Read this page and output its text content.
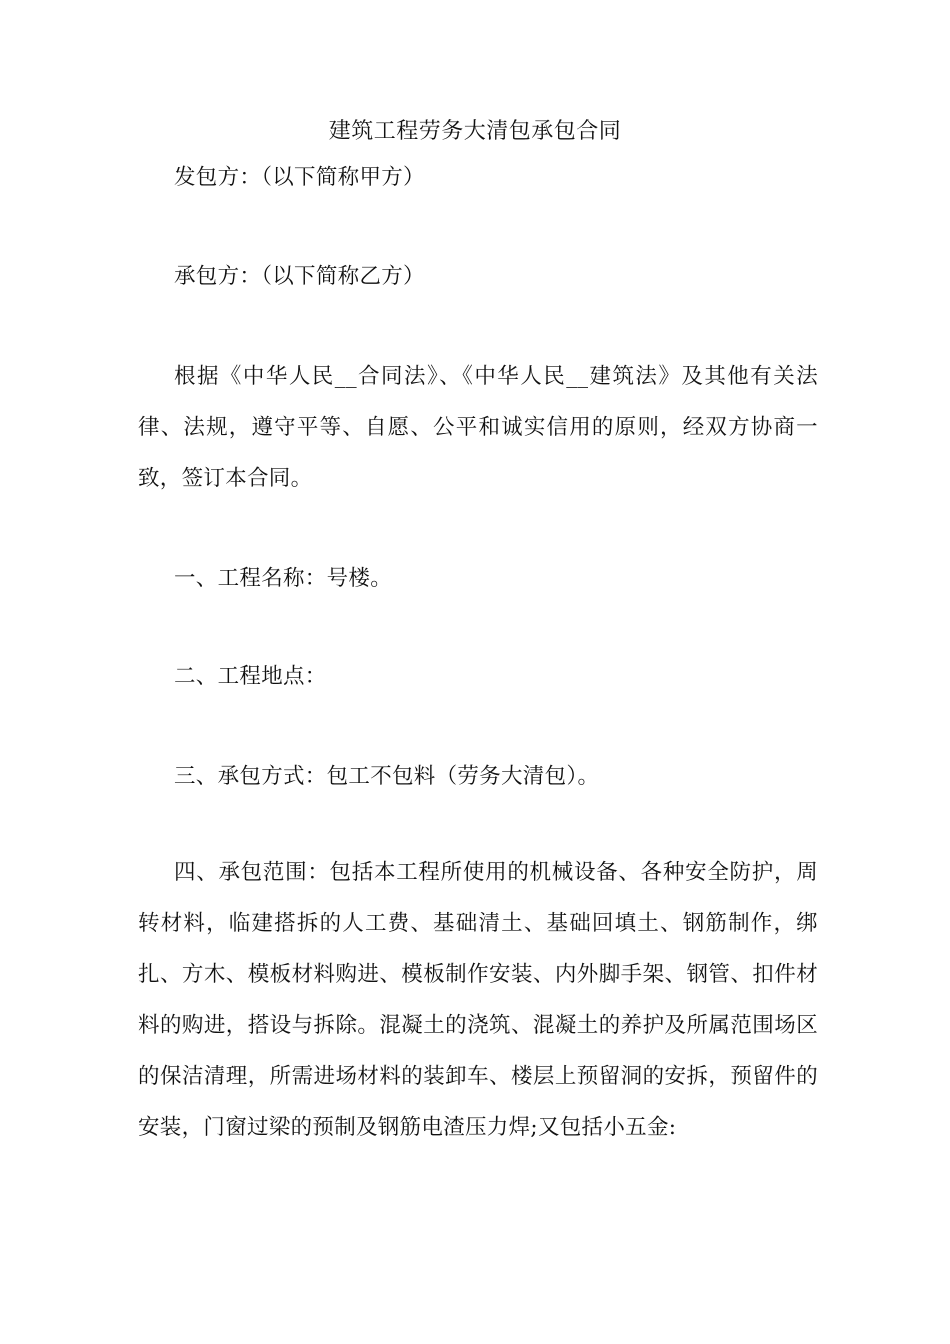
建筑工程劳务大清包承包合同
发包方：（以下简称甲方）
承包方：（以下简称乙方）
根据《中华人民__合同法》、《中华人民__建筑法》及其他有关法律、法规，遵守平等、自愿、公平和诚实信用的原则，经双方协商一致，签订本合同。
一、工程名称：号楼。
二、工程地点：
三、承包方式：包工不包料（劳务大清包）。
四、承包范围：包括本工程所使用的机械设备、各种安全防护，周转材料，临建搭拆的人工费、基础清土、基础回填土、钢筋制作，绑扎、方木、模板材料购进、模板制作安装、内外脚手架、钢管、扣件材料的购进，搭设与拆除。混凝土的浇筑、混凝土的养护及所属范围场区的保洁清理，所需进场材料的装卸车、楼层上预留洞的安拆，预留件的安装，门窗过梁的预制及钢筋电渣压力焊;又包括小五金:
